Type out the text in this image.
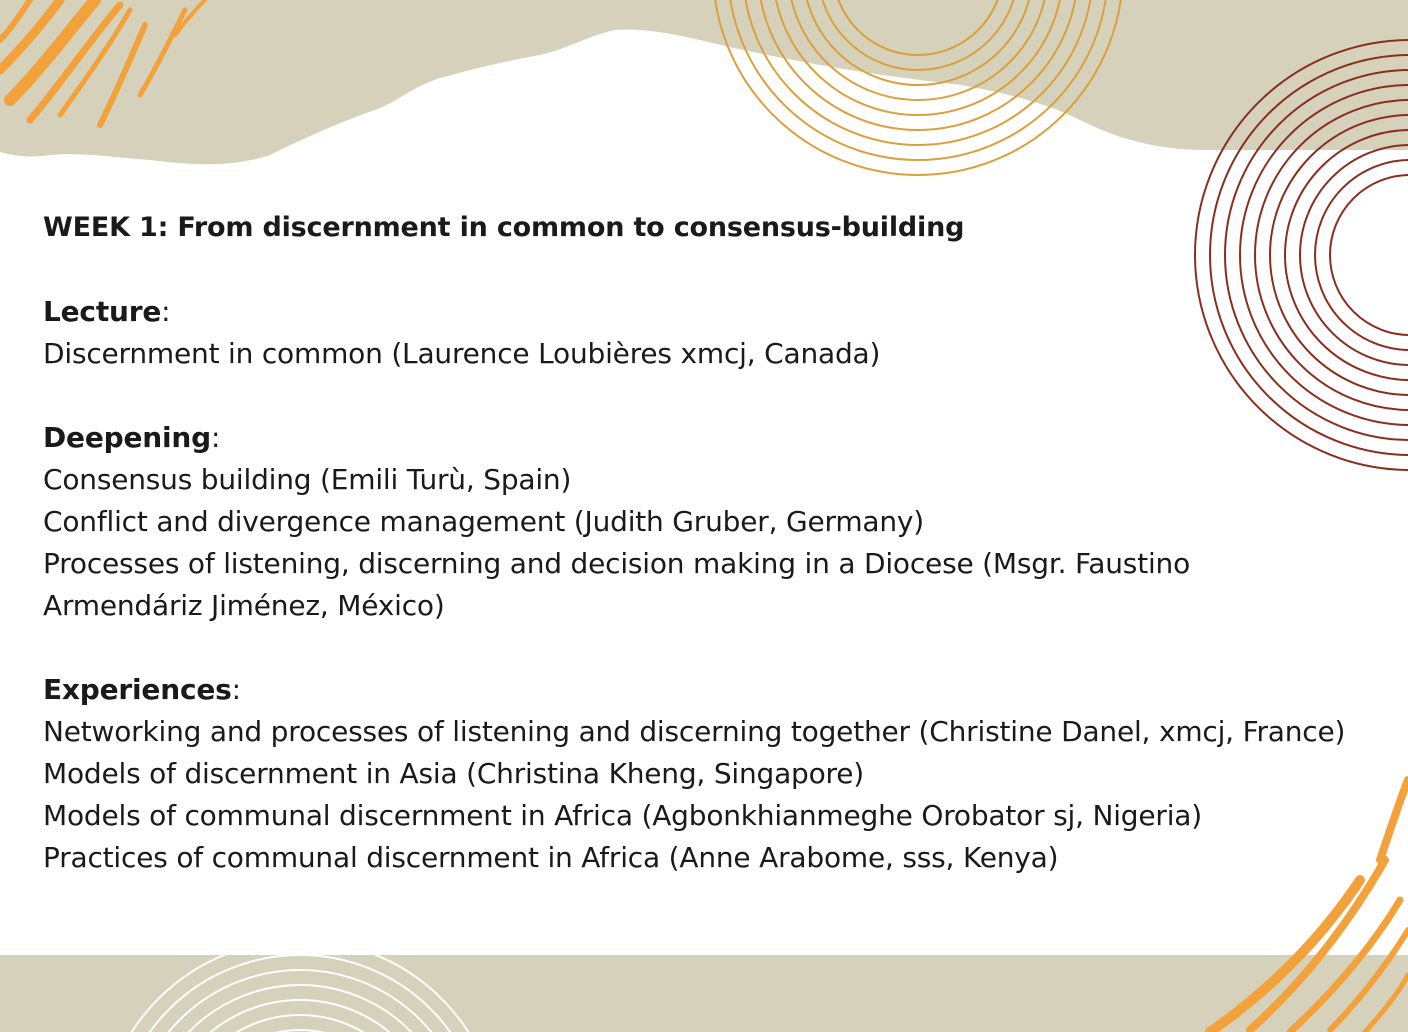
WEEK 1: From discernment in common to consensus-building

Lecture:

Discernment in common (Laurence Loubières xmcj, Canada)

Deepening:

Consensus building (Emili Turù, Spain)

Conflict and divergence management (Judith Gruber, Germany)

Processes of listening, discerning and decision making in a Diocese (Msgr. Faustino

Armendáriz Jiménez, México)

Experiences:

Networking and processes of listening and discerning together (Christine Danel, xmcj, France)

Models of discernment in Asia (Christina Kheng, Singapore)

Models of communal discernment in Africa (Agbonkhianmeghe Orobator sj, Nigeria)

Practices of communal discernment in Africa (Anne Arabome, sss, Kenya)
